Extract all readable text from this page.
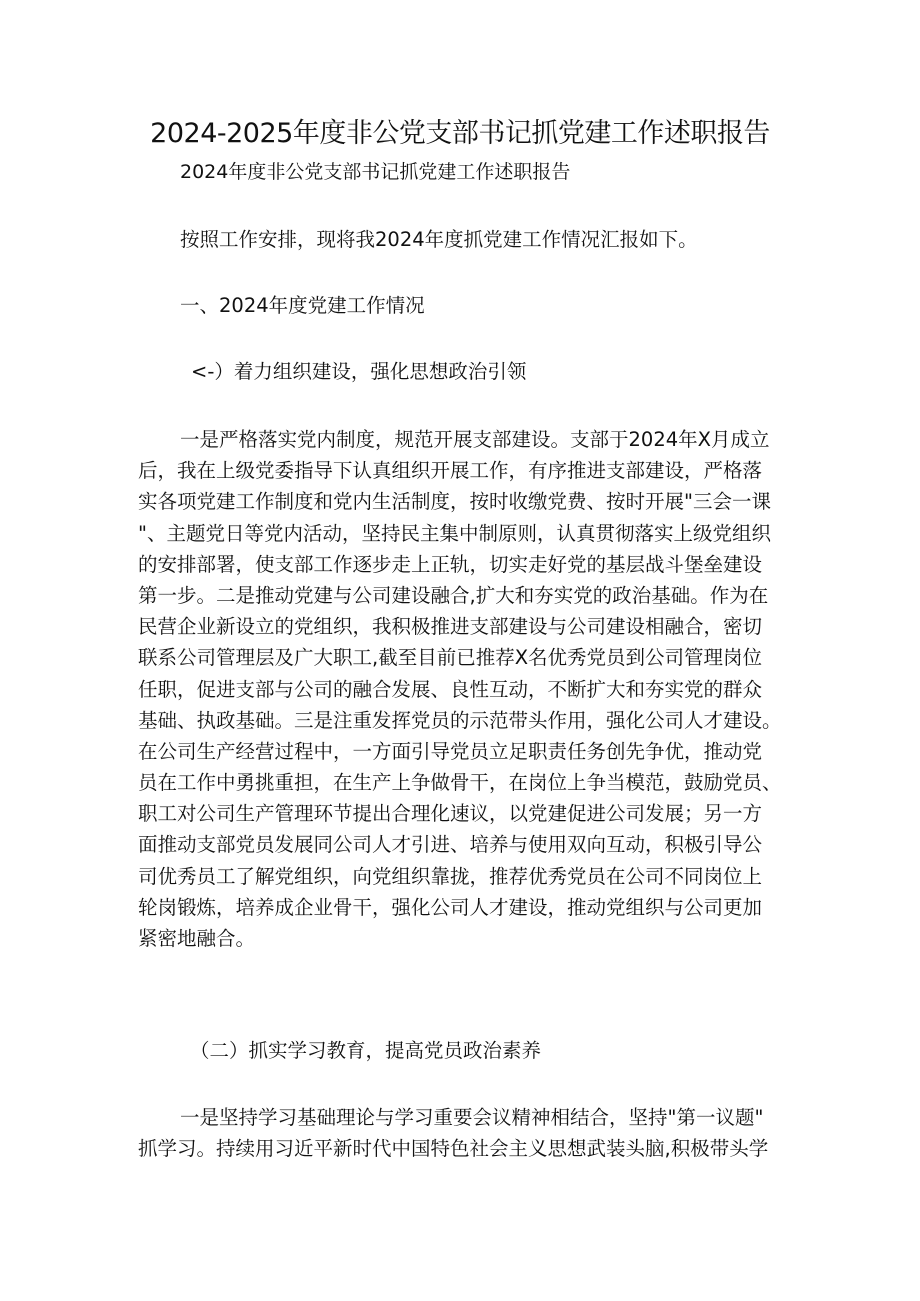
2024-2025年度非公党支部书记抓党建工作述职报告
2024年度非公党支部书记抓党建工作述职报告
按照工作安排，现将我2024年度抓党建工作情况汇报如下。
一、2024年度党建工作情况
<-）着力组织建设，强化思想政治引领
一是严格落实党内制度，规范开展支部建设。支部于2024年X月成立
后，我在上级党委指导下认真组织开展工作，有序推进支部建设，严格落
实各项党建工作制度和党内生活制度，按时收缴党费、按时开展"三会一课
"、主题党日等党内活动，坚持民主集中制原则，认真贯彻落实上级党组织
的安排部署，使支部工作逐步走上正轨，切实走好党的基层战斗堡垒建设
第一步。二是推动党建与公司建设融合,扩大和夯实党的政治基础。作为在
民营企业新设立的党组织，我积极推进支部建设与公司建设相融合，密切
联系公司管理层及广大职工,截至目前已推荐X名优秀党员到公司管理岗位
任职，促进支部与公司的融合发展、良性互动，不断扩大和夯实党的群众
基础、执政基础。三是注重发挥党员的示范带头作用，强化公司人才建设。
在公司生产经营过程中，一方面引导党员立足职责任务创先争优，推动党
员在工作中勇挑重担，在生产上争做骨干，在岗位上争当模范，鼓励党员、
职工对公司生产管理环节提出合理化速议，以党建促进公司发展；另一方
面推动支部党员发展同公司人才引进、培养与使用双向互动，积极引导公
司优秀员工了解党组织，向党组织靠拢，推荐优秀党员在公司不同岗位上
轮岗锻炼，培养成企业骨干，强化公司人才建设，推动党组织与公司更加
紧密地融合。
（二）抓实学习教育，提高党员政治素养
一是坚持学习基础理论与学习重要会议精神相结合，坚持"第一议题"
抓学习。持续用习近平新时代中国特色社会主义思想武装头脑,积极带头学
